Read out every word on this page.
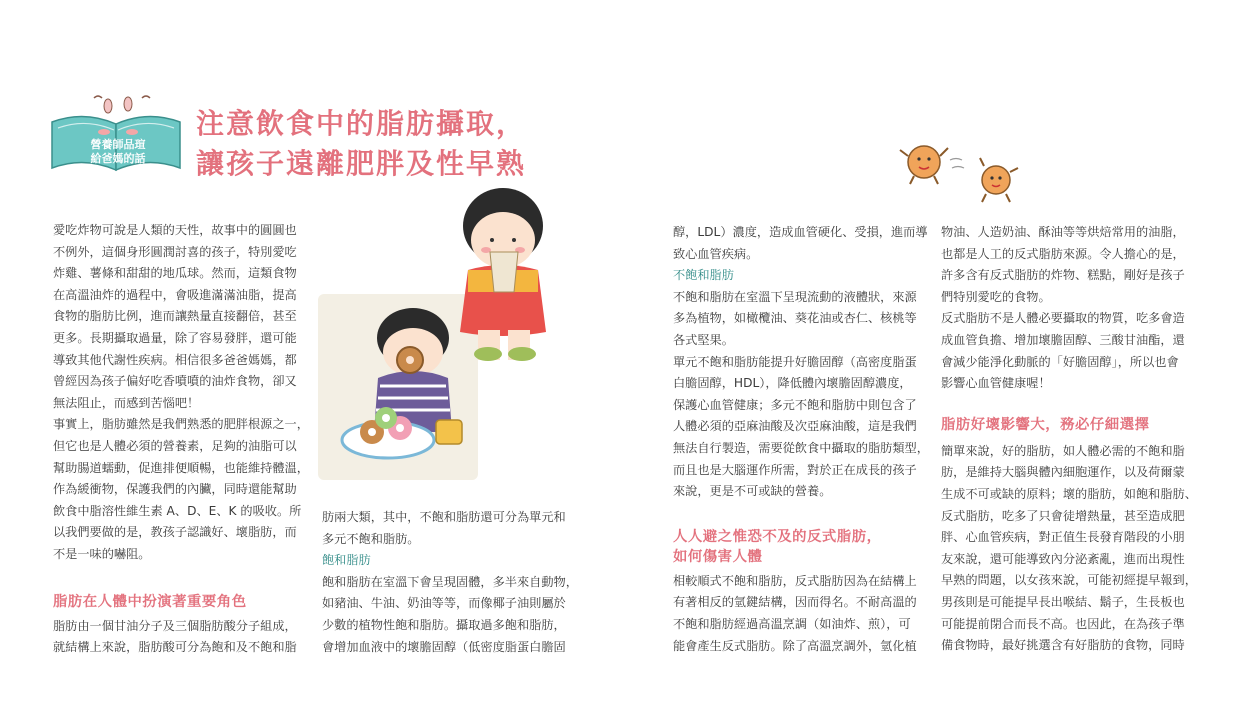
營養師品瑄
給爸媽的話
注意飲食中的脂肪攝取，
讓孩子遠離肥胖及性早熟

愛吃炸物可說是人類的天性，故事中的圓圓也

不例外，這個身形圓潤討喜的孩子，特別愛吃

炸雞、薯條和甜甜的地瓜球。然而，這類食物

在高溫油炸的過程中，會吸進滿滿油脂，提高

食物的脂肪比例，進而讓熱量直接翻倍，甚至

更多。長期攝取過量，除了容易發胖，還可能

導致其他代謝性疾病。相信很多爸爸媽媽，都

曾經因為孩子偏好吃香噴噴的油炸食物，卻又

無法阻止，而感到苦惱吧！

事實上，脂肪雖然是我們熟悉的肥胖根源之一，

但它也是人體必須的營養素，足夠的油脂可以

幫助腸道蠕動，促進排便順暢，也能維持體溫，

作為緩衝物，保護我們的內臟，同時還能幫助

飲食中脂溶性維生素 A、D、E、K 的吸收。所

以我們要做的是，教孩子認識好、壞脂肪，而

不是一味的嚇阻。

脂肪在人體中扮演著重要角色

脂肪由一個甘油分子及三個脂肪酸分子組成，

就結構上來說，脂肪酸可分為飽和及不飽和脂

肪兩大類，其中，不飽和脂肪還可分為單元和

多元不飽和脂肪。

飽和脂肪

飽和脂肪在室溫下會呈現固體，多半來自動物，

如豬油、牛油、奶油等等，而像椰子油則屬於

少數的植物性飽和脂肪。攝取過多飽和脂肪，

會增加血液中的壞膽固醇（低密度脂蛋白膽固

醇，LDL）濃度，造成血管硬化、受損，進而導

致心血管疾病。

不飽和脂肪

不飽和脂肪在室溫下呈現流動的液體狀，來源

多為植物，如橄欖油、葵花油或杏仁、核桃等

各式堅果。

單元不飽和脂肪能提升好膽固醇（高密度脂蛋

白膽固醇，HDL），降低體內壞膽固醇濃度，

保護心血管健康；多元不飽和脂肪中則包含了

人體必須的亞麻油酸及次亞麻油酸，這是我們

無法自行製造，需要從飲食中攝取的脂肪類型，

而且也是大腦運作所需，對於正在成長的孩子

來說，更是不可或缺的營養。

人人避之惟恐不及的反式脂肪，
如何傷害人體

相較順式不飽和脂肪，反式脂肪因為在結構上

有著相反的氫鍵結構，因而得名。不耐高溫的

不飽和脂肪經過高溫烹調（如油炸、煎），可

能會產生反式脂肪。除了高溫烹調外，氫化植

物油、人造奶油、酥油等等烘焙常用的油脂，

也都是人工的反式脂肪來源。令人擔心的是，

許多含有反式脂肪的炸物、糕點，剛好是孩子

們特別愛吃的食物。

反式脂肪不是人體必要攝取的物質，吃多會造

成血管負擔、增加壞膽固醇、三酸甘油酯，還

會減少能淨化動脈的「好膽固醇」，所以也會

影響心血管健康喔！

脂肪好壞影響大，務必仔細選擇

簡單來說，好的脂肪，如人體必需的不飽和脂

肪，是維持大腦與體內細胞運作，以及荷爾蒙

生成不可或缺的原料；壞的脂肪，如飽和脂肪、

反式脂肪，吃多了只會徒增熱量，甚至造成肥

胖、心血管疾病，對正值生長發育階段的小朋

友來說，還可能導致內分泌紊亂，進而出現性

早熟的問題，以女孩來說，可能初經提早報到，

男孩則是可能提早長出喉結、鬍子，生長板也

可能提前閉合而長不高。也因此，在為孩子準

備食物時，最好挑選含有好脂肪的食物，同時
